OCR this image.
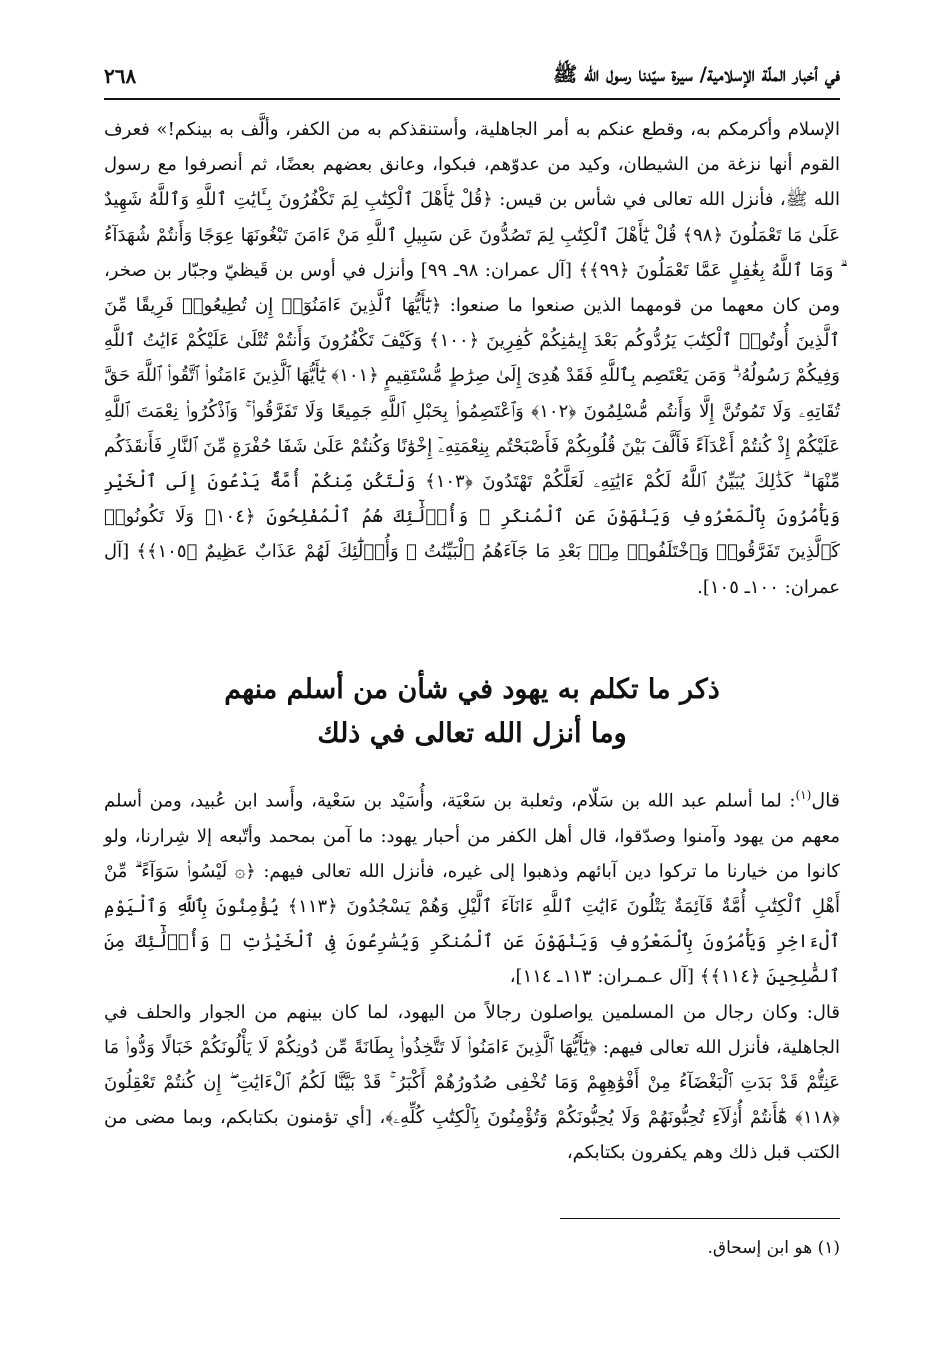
في أخبار الملّة الإسلامية/ سيرة سيّدنا رسول الله ﷺ
٢٦٨

الإسلام وأكرمكم به، وقطع عنكم به أمر الجاهلية، وأستنقذكم به من الكفر، وألَّف به بينكم!» فعرف القوم أنها نزغة من الشيطان، وكيد من عدوّهم، فبكوا، وعانق بعضهم بعضًا، ثم أنصرفوا مع رسول الله ﷺ، فأنزل الله تعالى في شأس بن قيس: ﴿قُلْ يَٰٓأَهْلَ ٱلْكِتَٰبِ لِمَ تَكْفُرُونَ بِـَٔايَٰتِ ٱللَّهِ وَٱللَّهُ شَهِيدٌ عَلَىٰ مَا تَعْمَلُونَ ﴿٩٨﴾ قُلْ يَٰٓأَهْلَ ٱلْكِتَٰبِ لِمَ تَصُدُّونَ عَن سَبِيلِ ٱللَّهِ مَنْ ءَامَنَ تَبْغُونَهَا عِوَجًا وَأَنتُمْ شُهَدَآءُ ۗ وَمَا ٱللَّهُ بِغَٰفِلٍ عَمَّا تَعْمَلُونَ ﴿٩٩﴾﴾ [آل عمران: ٩٨ـ ٩٩] وأنزل في أوس بن قَيظيّ وجبّار بن صخر، ومن كان معهما من قومهما الذين صنعوا ما صنعوا: ﴿يَٰٓأَيُّهَا ٱلَّذِينَ ءَامَنُوٓا۟ إِن تُطِيعُوا۟ فَرِيقًا مِّنَ ٱلَّذِينَ أُوتُوا۟ ٱلْكِتَٰبَ يَرُدُّوكُم بَعْدَ إِيمَٰنِكُمْ كَٰفِرِينَ ﴿١٠٠﴾ وَكَيْفَ تَكْفُرُونَ وَأَنتُمْ تُتْلَىٰ عَلَيْكُمْ ءَايَٰتُ ٱللَّهِ وَفِيكُمْ رَسُولُهُۥ ۗ وَمَن يَعْتَصِم بِٱللَّهِ فَقَدْ هُدِىَ إِلَىٰ صِرَٰطٍ مُّسْتَقِيمٍ ﴿١٠١﴾ يَٰٓأَيُّهَا ٱلَّذِينَ ءَامَنُوا۟ ٱتَّقُوا۟ ٱللَّهَ حَقَّ تُقَاتِهِۦ وَلَا تَمُوتُنَّ إِلَّا وَأَنتُم مُّسْلِمُونَ ﴿١٠٢﴾ وَٱعْتَصِمُوا۟ بِحَبْلِ ٱللَّهِ جَمِيعًا وَلَا تَفَرَّقُوا۟ ۚ وَٱذْكُرُوا۟ نِعْمَتَ ٱللَّهِ عَلَيْكُمْ إِذْ كُنتُمْ أَعْدَآءً فَأَلَّفَ بَيْنَ قُلُوبِكُمْ فَأَصْبَحْتُم بِنِعْمَتِهِۦٓ إِخْوَٰنًا وَكُنتُمْ عَلَىٰ شَفَا حُفْرَةٍ مِّنَ ٱلنَّارِ فَأَنقَذَكُم مِّنْهَا ۗ كَذَٰلِكَ يُبَيِّنُ ٱللَّهُ لَكُمْ ءَايَٰتِهِۦ لَعَلَّكُمْ تَهْتَدُونَ ﴿١٠٣﴾ وَلْتَكُن مِّنكُمْ أُمَّةٌ يَدْعُونَ إِلَى ٱلْخَيْرِ وَيَأْمُرُونَ بِٱلْمَعْرُوفِ وَيَنْهَوْنَ عَنِ ٱلْمُنكَرِ ۚ وَأُو۟لَٰٓئِكَ هُمُ ٱلْمُفْلِحُونَ ﴿١٠٤﴾ وَلَا تَكُونُوا۟ كَٱلَّذِينَ تَفَرَّقُوا۟ وَٱخْتَلَفُوا۟ مِنۢ بَعْدِ مَا جَآءَهُمُ ٱلْبَيِّنَٰتُ ۚ وَأُو۟لَٰٓئِكَ لَهُمْ عَذَابٌ عَظِيمٌ ﴿١٠٥﴾﴾ [آل عمران: ١٠٠ـ ١٠٥].

ذكر ما تكلم به يهود في شأن من أسلم منهم
وما أنزل الله تعالى في ذلك

قال$^{(١)}$: لما أسلم عبد الله بن سَلّام، وثعلبة بن سَعْيَة، وأُسَيْد بن سَعْية، وأَسد ابن عُبيد، ومن أسلم معهم من يهود وآمنوا وصدّقوا، قال أهل الكفر من أحبار يهود: ما آمن بمحمد وأتّبعه إلا شِرارنا، ولو كانوا من خيارنا ما تركوا دين آبائهم وذهبوا إلى غيره، فأنزل الله تعالى فيهم: ﴿۞ لَيْسُوا۟ سَوَآءً ۗ مِّنْ أَهْلِ ٱلْكِتَٰبِ أُمَّةٌ قَآئِمَةٌ يَتْلُونَ ءَايَٰتِ ٱللَّهِ ءَانَآءَ ٱلَّيْلِ وَهُمْ يَسْجُدُونَ ﴿١١٣﴾ يُؤْمِنُونَ بِٱللَّهِ وَٱلْيَوْمِ ٱلْءَاخِرِ وَيَأْمُرُونَ بِٱلْمَعْرُوفِ وَيَنْهَوْنَ عَنِ ٱلْمُنكَرِ وَيُسَٰرِعُونَ فِى ٱلْخَيْرَٰتِ ۖ وَأُو۟لَٰٓئِكَ مِنَ ٱلصَّٰلِحِينَ ﴿١١٤﴾﴾ [آل عـمـران: ١١٣ـ ١١٤]،

قال: وكان رجال من المسلمين يواصلون رجالاً من اليهود، لما كان بينهم من الجوار والحلف في الجاهلية، فأنزل الله تعالى فيهم: ﴿يَٰٓأَيُّهَا ٱلَّذِينَ ءَامَنُوا۟ لَا تَتَّخِذُوا۟ بِطَانَةً مِّن دُونِكُمْ لَا يَأْلُونَكُمْ خَبَالًا وَدُّوا۟ مَا عَنِتُّمْ قَدْ بَدَتِ ٱلْبَغْضَآءُ مِنْ أَفْوَٰهِهِمْ وَمَا تُخْفِى صُدُورُهُمْ أَكْبَرُ ۚ قَدْ بَيَّنَّا لَكُمُ ٱلْءَايَٰتِ ۖ إِن كُنتُمْ تَعْقِلُونَ ﴿١١٨﴾ هَٰٓأَنتُمْ أُو۟لَآءِ تُحِبُّونَهُمْ وَلَا يُحِبُّونَكُمْ وَتُؤْمِنُونَ بِٱلْكِتَٰبِ كُلِّهِۦ﴾، [أي تؤمنون بكتابكم، وبما مضى من الكتب قبل ذلك وهم يكفرون بكتابكم،

(١) هو ابن إسحاق.
